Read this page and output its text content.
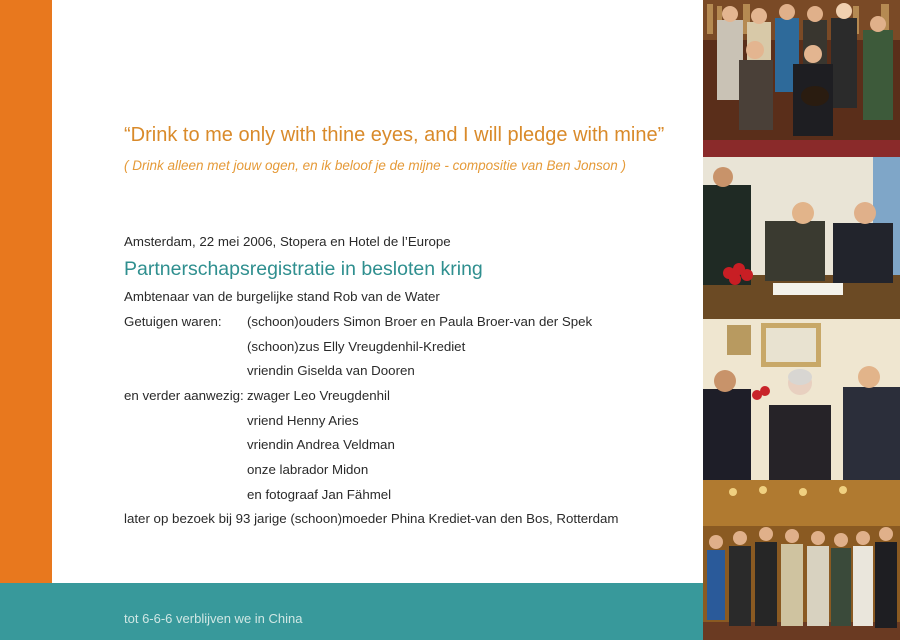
tot 6-6-6 verblijven we in China
“Drink to me only with thine eyes, and I will pledge with mine”
( Drink alleen met jouw ogen, en ik beloof je de mijne - compositie van Ben Jonson )
Amsterdam, 22 mei 2006, Stopera en Hotel de l’Europe
Partnerschapsregistratie in besloten kring
Ambtenaar van de burgelijke stand Rob van de Water
Getuigen waren: (schoon)ouders Simon Broer en Paula Broer-van der Spek
(schoon)zus Elly Vreugdenhil-Krediet
vriendin Giselda van Dooren
en verder aanwezig: zwager Leo Vreugdenhil
vriend Henny Aries
vriendin Andrea Veldman
onze labrador Midon
en fotograaf Jan Fähmel
later op bezoek bij 93 jarige (schoon)moeder Phina Krediet-van den Bos, Rotterdam
